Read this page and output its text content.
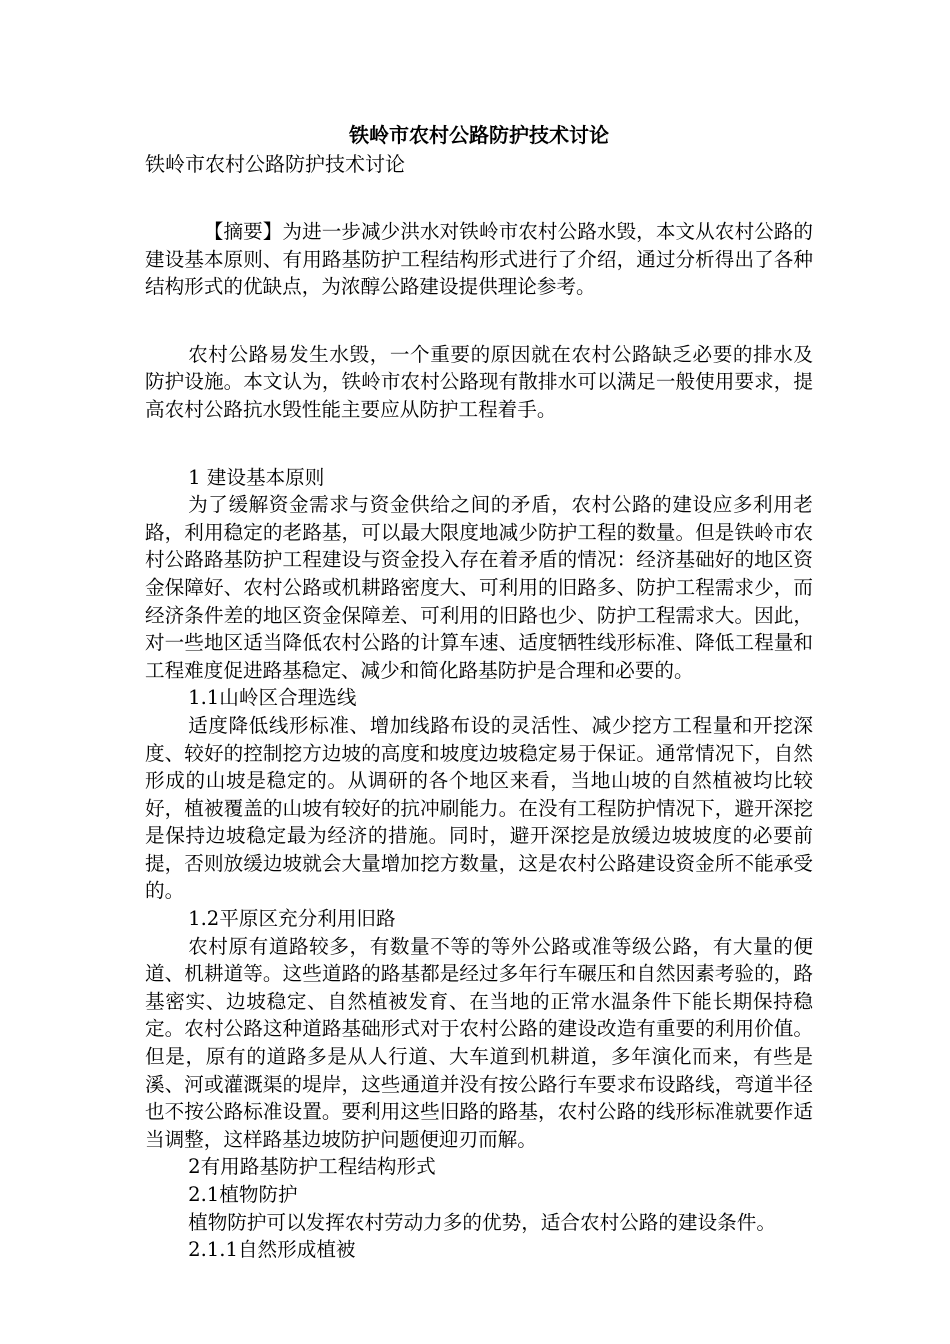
铁岭市农村公路防护技术讨论

铁岭市农村公路防护技术讨论

【摘要】为进一步减少洪水对铁岭市农村公路水毁，本文从农村公路的建设基本原则、有用路基防护工程结构形式进行了介绍，通过分析得出了各种结构形式的优缺点，为浓醇公路建设提供理论参考。

农村公路易发生水毁，一个重要的原因就在农村公路缺乏必要的排水及防护设施。本文认为，铁岭市农村公路现有散排水可以满足一般使用要求，提高农村公路抗水毁性能主要应从防护工程着手。

1 建设基本原则

为了缓解资金需求与资金供给之间的矛盾，农村公路的建设应多利用老路，利用稳定的老路基，可以最大限度地减少防护工程的数量。但是铁岭市农村公路路基防护工程建设与资金投入存在着矛盾的情况：经济基础好的地区资金保障好、农村公路或机耕路密度大、可利用的旧路多、防护工程需求少，而经济条件差的地区资金保障差、可利用的旧路也少、防护工程需求大。因此，对一些地区适当降低农村公路的计算车速、适度牺牲线形标准、降低工程量和工程难度促进路基稳定、减少和简化路基防护是合理和必要的。

1.1山岭区合理选线

适度降低线形标准、增加线路布设的灵活性、减少挖方工程量和开挖深度、较好的控制挖方边坡的高度和坡度边坡稳定易于保证。通常情况下，自然形成的山坡是稳定的。从调研的各个地区来看，当地山坡的自然植被均比较好，植被覆盖的山坡有较好的抗冲刷能力。在没有工程防护情况下，避开深挖是保持边坡稳定最为经济的措施。同时，避开深挖是放缓边坡坡度的必要前提，否则放缓边坡就会大量增加挖方数量，这是农村公路建设资金所不能承受的。

1.2平原区充分利用旧路

农村原有道路较多，有数量不等的等外公路或准等级公路，有大量的便道、机耕道等。这些道路的路基都是经过多年行车碾压和自然因素考验的，路基密实、边坡稳定、自然植被发育、在当地的正常水温条件下能长期保持稳定。农村公路这种道路基础形式对于农村公路的建设改造有重要的利用价值。但是，原有的道路多是从人行道、大车道到机耕道，多年演化而来，有些是溪、河或灌溉渠的堤岸，这些通道并没有按公路行车要求布设路线，弯道半径也不按公路标准设置。要利用这些旧路的路基，农村公路的线形标准就要作适当调整，这样路基边坡防护问题便迎刃而解。

2有用路基防护工程结构形式

2.1植物防护

植物防护可以发挥农村劳动力多的优势，适合农村公路的建设条件。

2.1.1自然形成植被
